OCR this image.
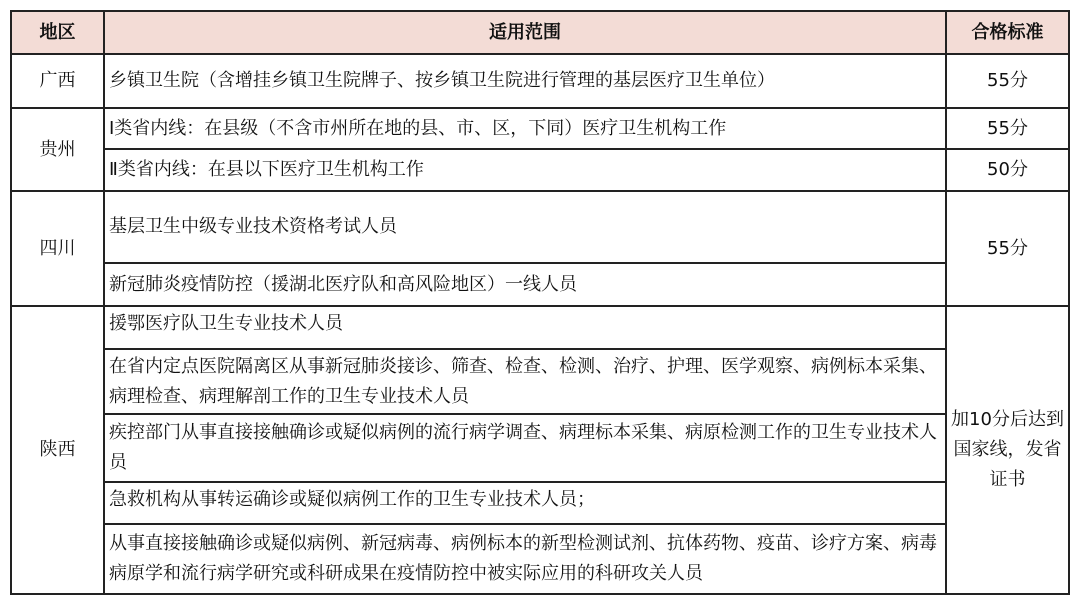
地区	适用范围	合格标准
广西	乡镇卫生院（含增挂乡镇卫生院牌子、按乡镇卫生院进行管理的基层医疗卫生单位）	55分
贵州	Ⅰ类省内线：在县级（不含市州所在地的县、市、区，下同）医疗卫生机构工作	55分
	Ⅱ类省内线：在县以下医疗卫生机构工作	50分
四川	基层卫生中级专业技术资格考试人员	55分
	新冠肺炎疫情防控（援湖北医疗队和高风险地区）一线人员	
陕西	援鄂医疗队卫生专业技术人员	加10分后达到国家线，发省证书
	在省内定点医院隔离区从事新冠肺炎接诊、筛查、检查、检测、治疗、护理、医学观察、病例标本采集、病理检查、病理解剖工作的卫生专业技术人员	
	疾控部门从事直接接触确诊或疑似病例的流行病学调查、病理标本采集、病原检测工作的卫生专业技术人员	
	急救机构从事转运确诊或疑似病例工作的卫生专业技术人员；	
	从事直接接触确诊或疑似病例、新冠病毒、病例标本的新型检测试剂、抗体药物、疫苗、诊疗方案、病毒病原学和流行病学研究或科研成果在疫情防控中被实际应用的科研攻关人员	
